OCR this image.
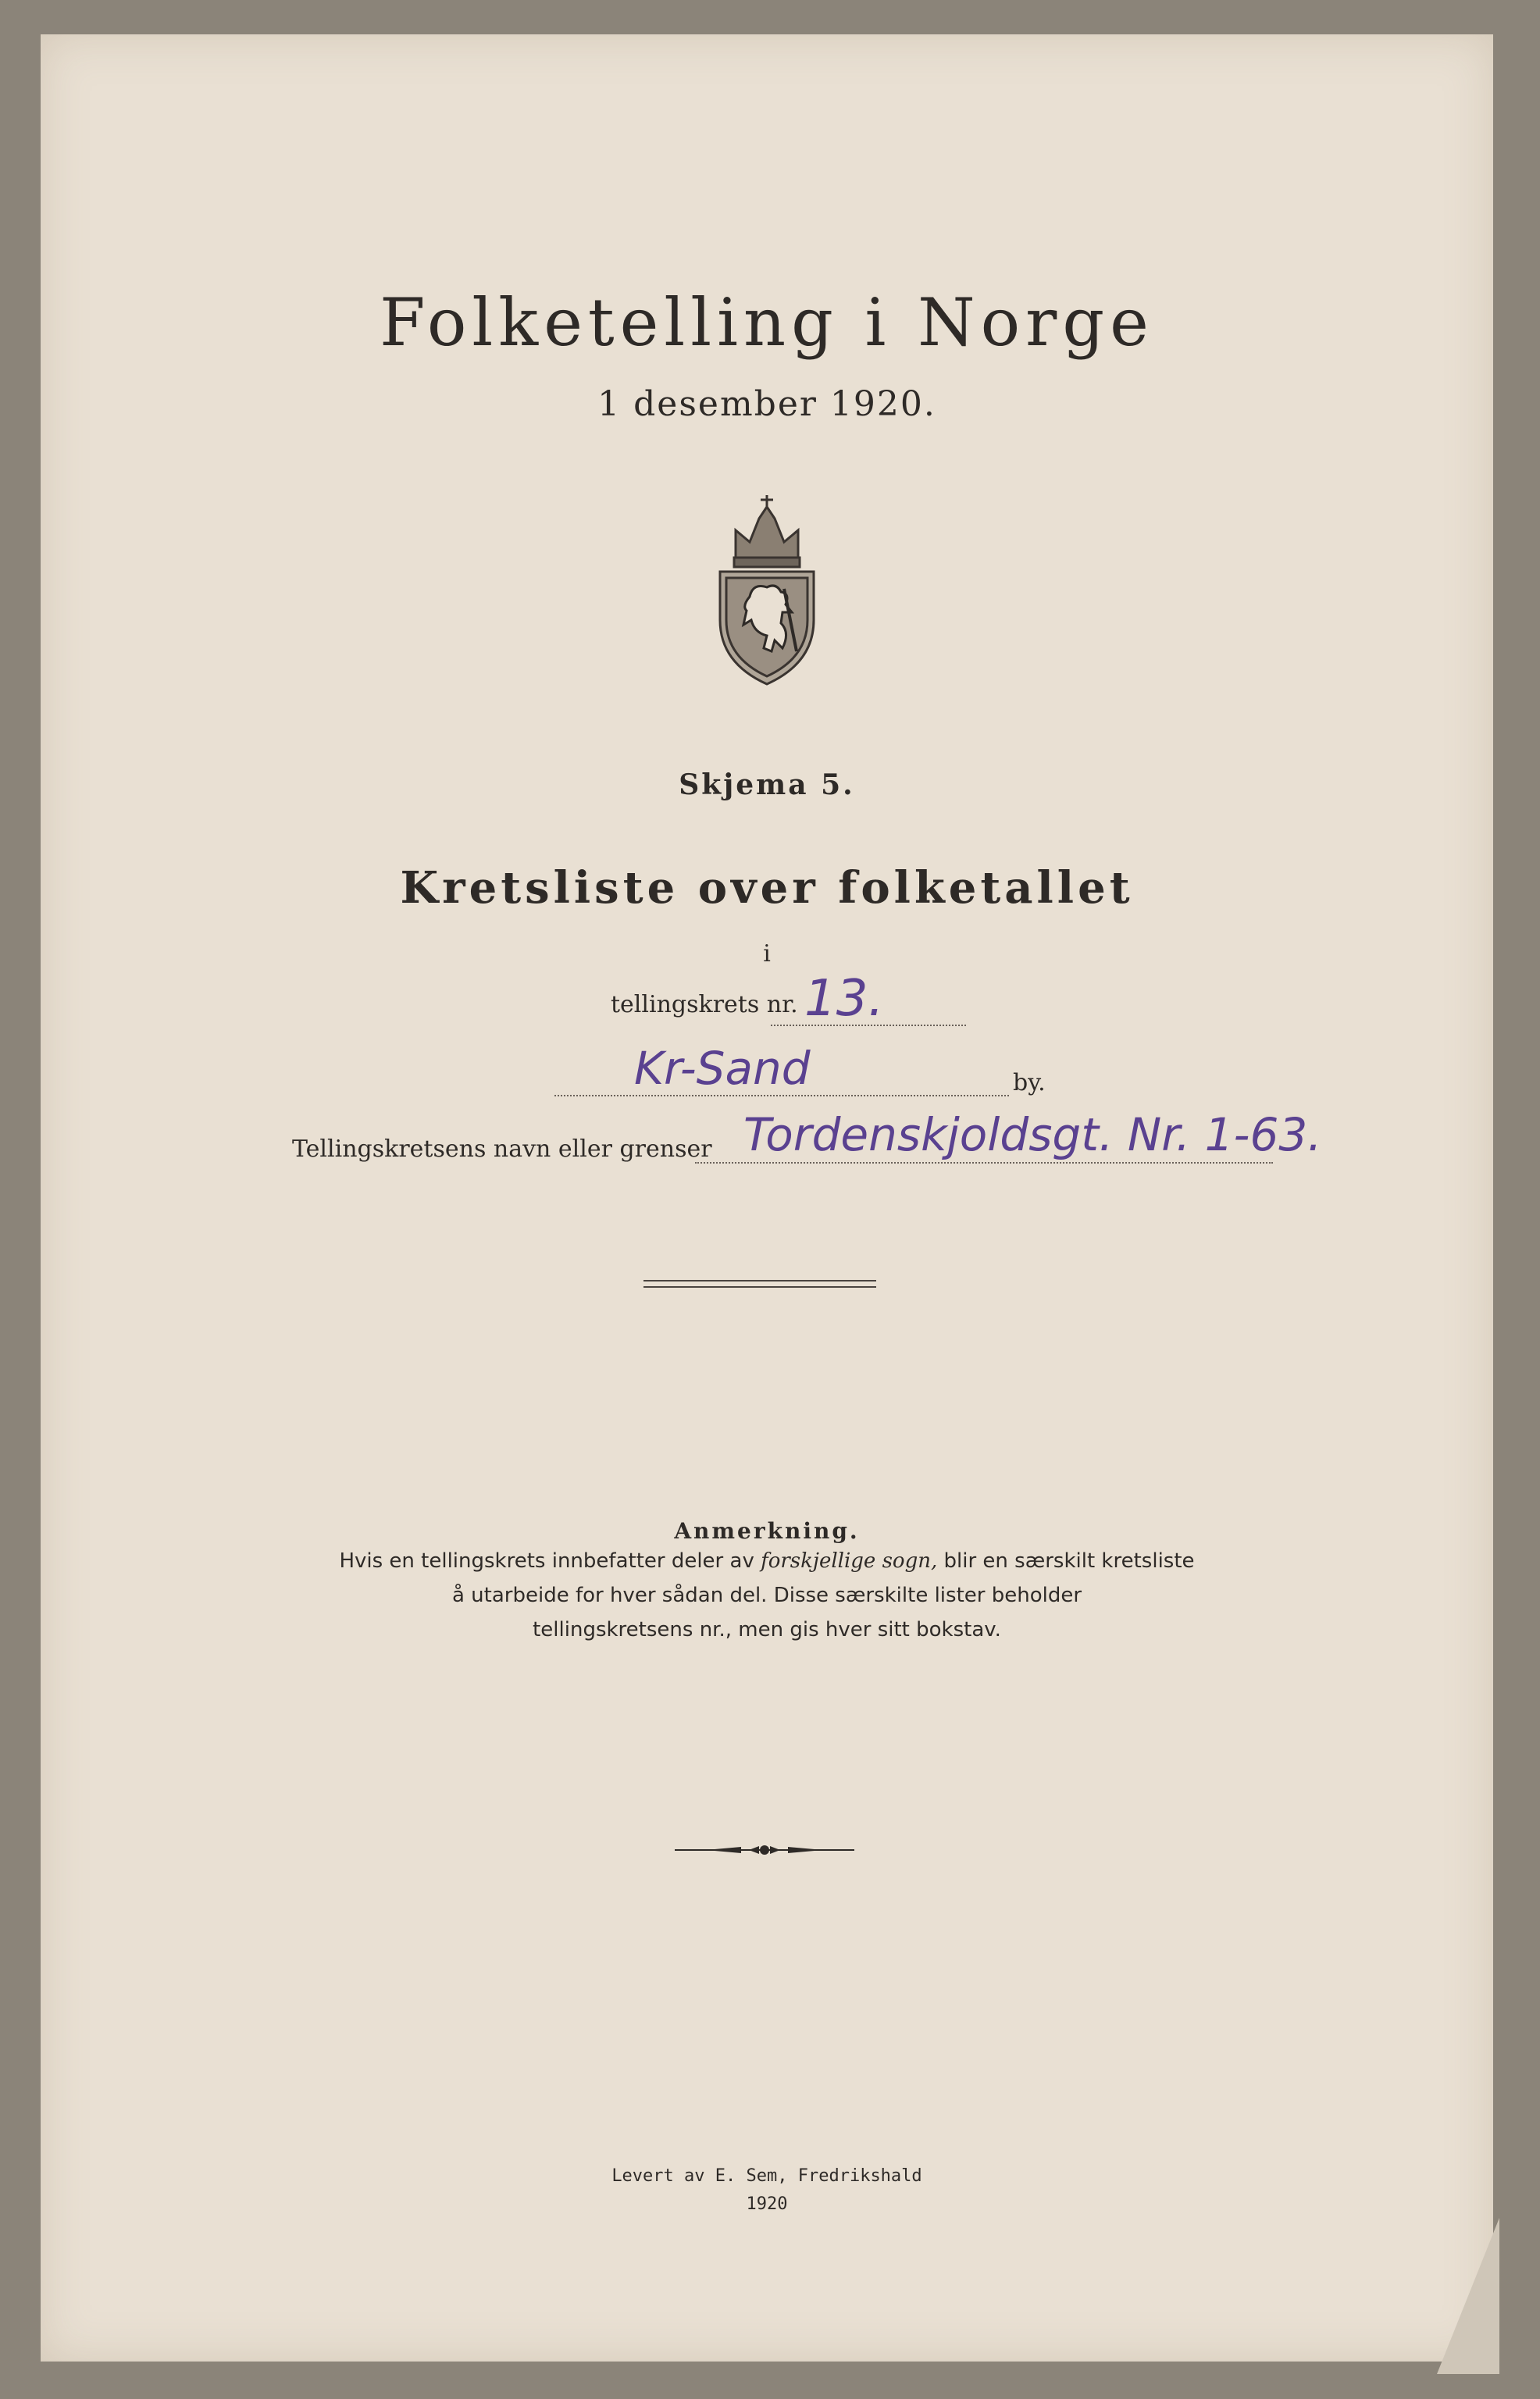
Folketelling i Norge
1 desember 1920.
Skjema 5.
Kretsliste over folketallet
i
tellingskrets nr. 13.
Kr-Sand	by.
Tellingskretsens navn eller grenser Tordenskjoldsgt. Nr. 1-63.
Anmerkning.
Hvis en tellingskrets innbefatter deler av forskjellige sogn, blir en særskilt kretsliste
å utarbeide for hver sådan del. Disse særskilte lister beholder
tellingskretsens nr., men gis hver sitt bokstav.
Levert av E. Sem, Fredrikshald
1920
